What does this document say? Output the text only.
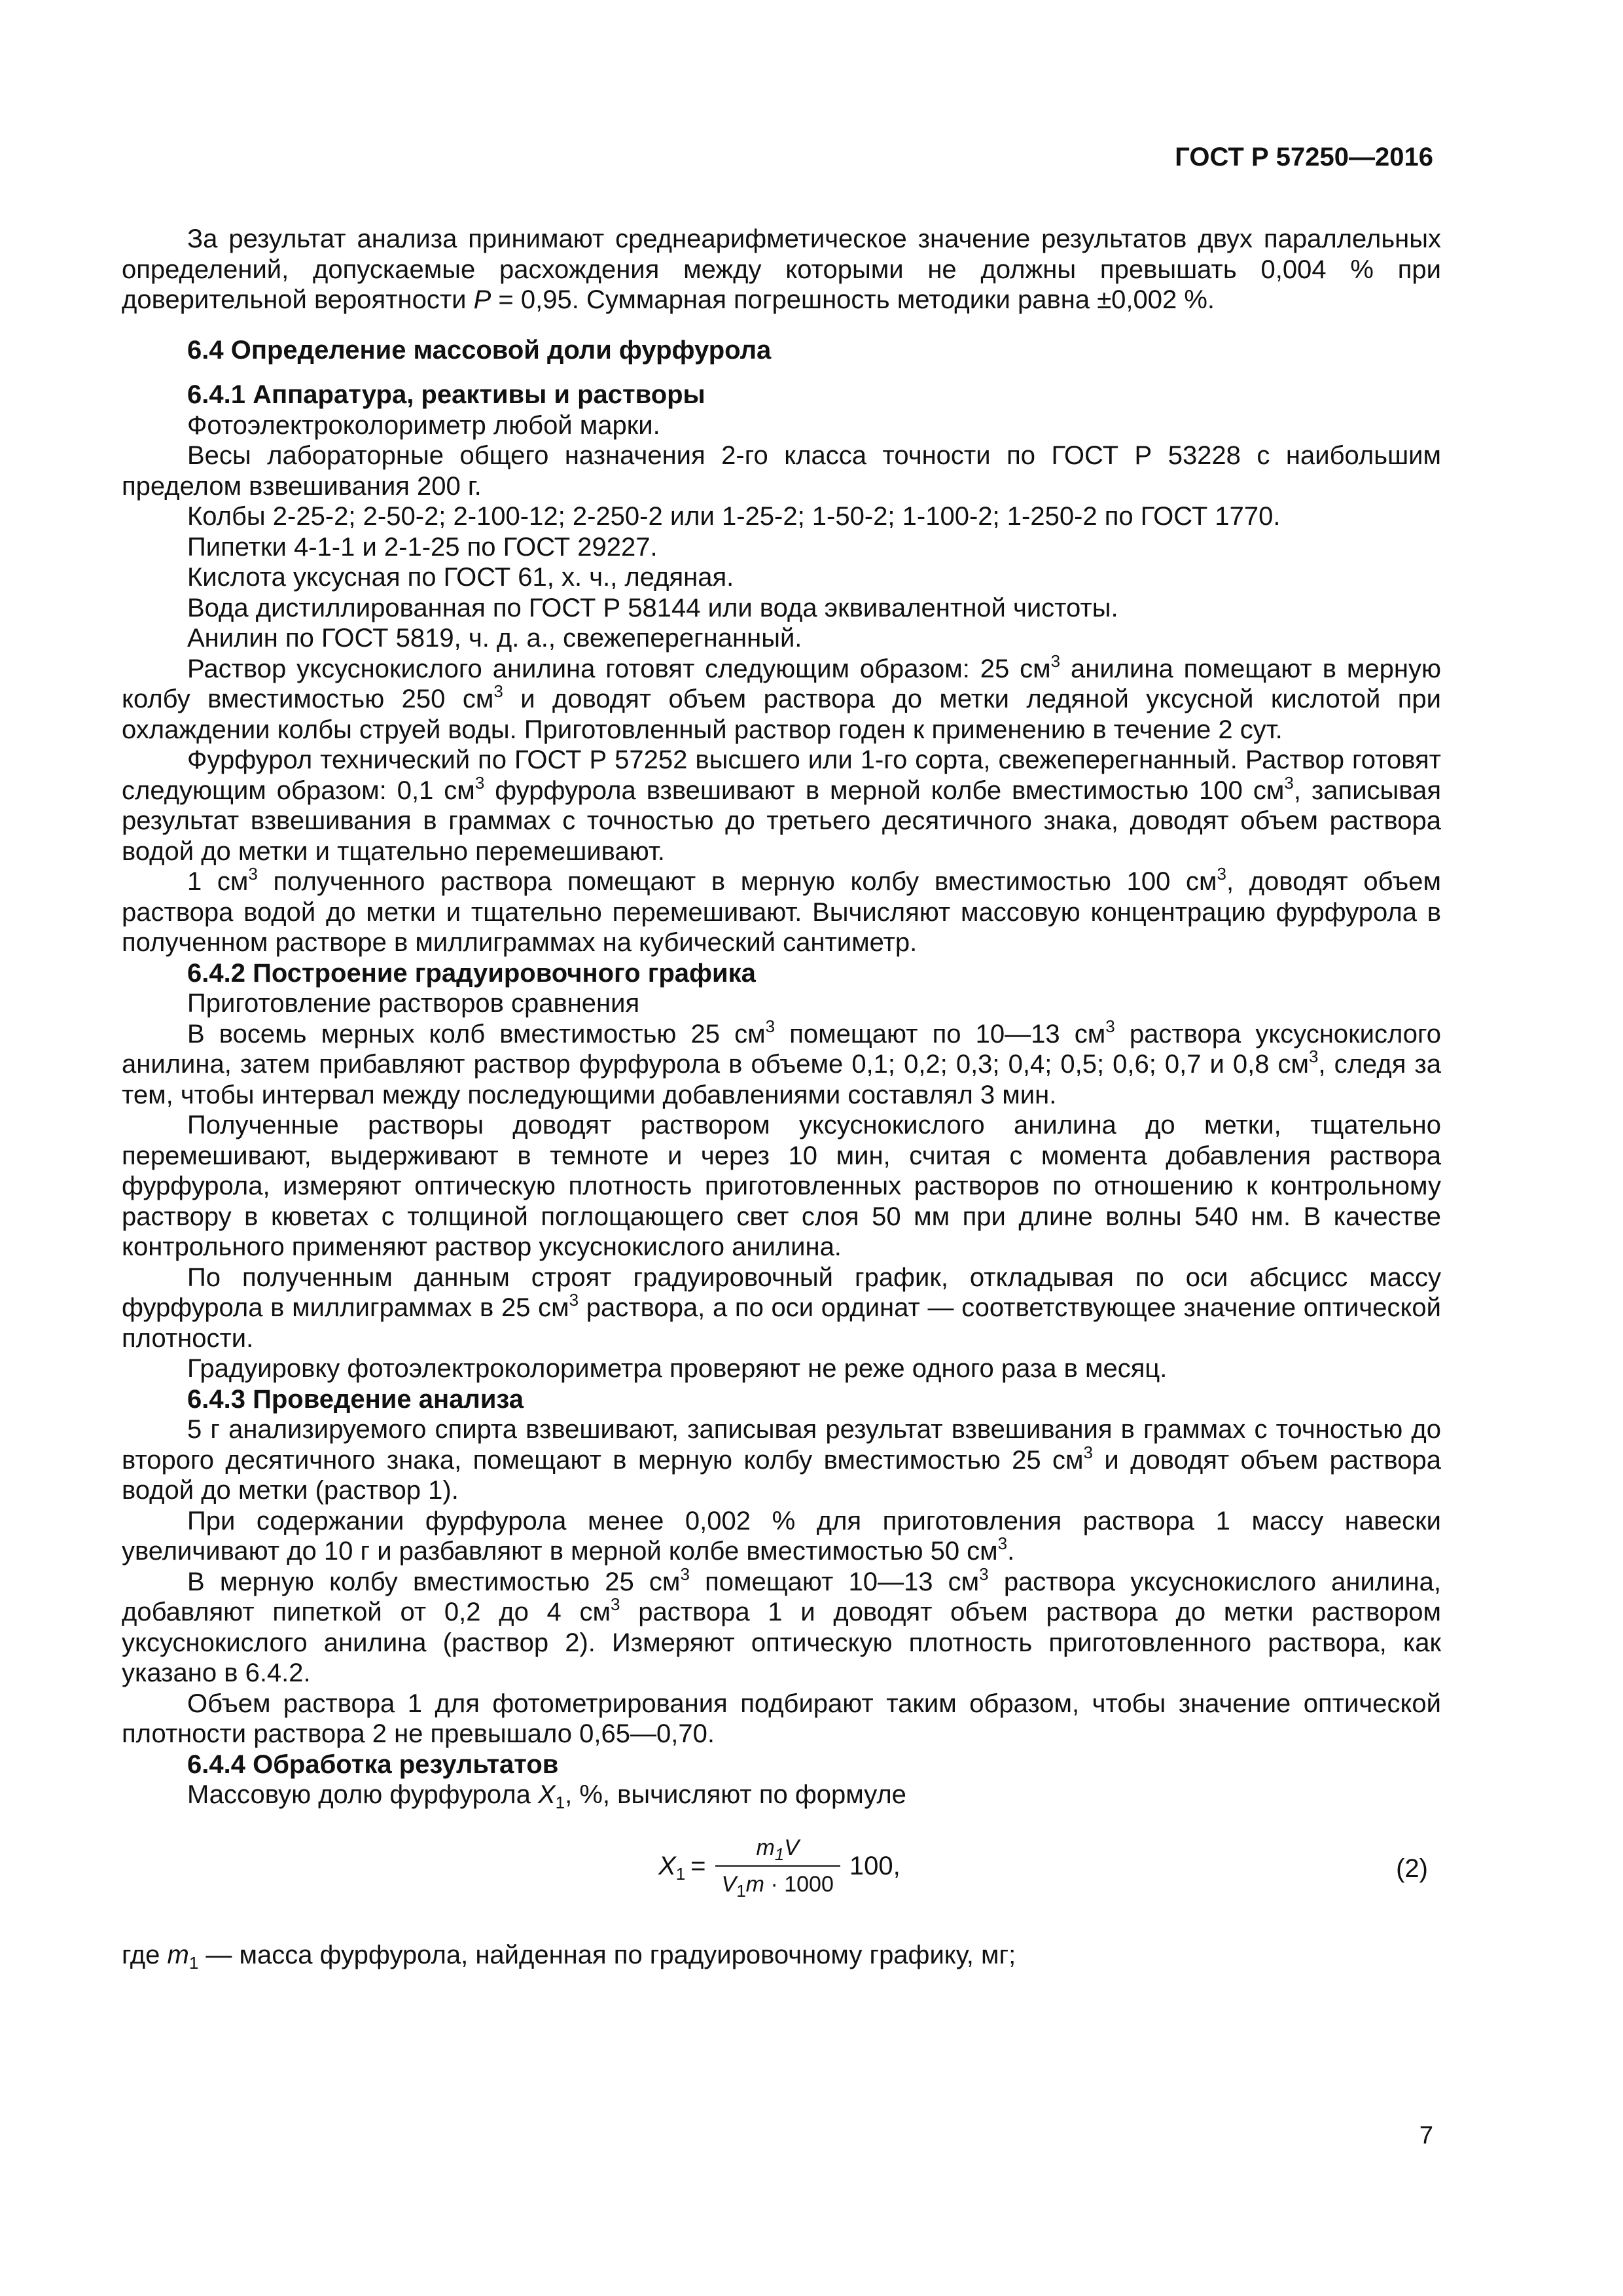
ГОСТ Р 57250—2016

За результат анализа принимают среднеарифметическое значение результатов двух параллельных определений, допускаемые расхождения между которыми не должны превышать 0,004 % при доверительной вероятности P = 0,95. Суммарная погрешность методики равна ±0,002 %.

6.4 Определение массовой доли фурфурола
6.4.1 Аппаратура, реактивы и растворы

Фотоэлектроколориметр любой марки.

Весы лабораторные общего назначения 2-го класса точности по ГОСТ Р 53228 с наибольшим пределом взвешивания 200 г.

Колбы 2-25-2; 2-50-2; 2-100-12; 2-250-2 или 1-25-2; 1-50-2; 1-100-2; 1-250-2 по ГОСТ 1770.

Пипетки 4-1-1 и 2-1-25 по ГОСТ 29227.

Кислота уксусная по ГОСТ 61, х. ч., ледяная.

Вода дистиллированная по ГОСТ Р 58144 или вода эквивалентной чистоты.

Анилин по ГОСТ 5819, ч. д. а., свежеперегнанный.

Раствор уксуснокислого анилина готовят следующим образом: 25 $см^3$ анилина помещают в мерную колбу вместимостью 250 $см^3$ и доводят объем раствора до метки ледяной уксусной кислотой при охлаждении колбы струей воды. Приготовленный раствор годен к применению в течение 2 сут.

Фурфурол технический по ГОСТ Р 57252 высшего или 1-го сорта, свежеперегнанный. Раствор готовят следующим образом: 0,1 $см^3$ фурфурола взвешивают в мерной колбе вместимостью 100 $см^3$, записывая результат взвешивания в граммах с точностью до третьего десятичного знака, доводят объем раствора водой до метки и тщательно перемешивают.

1 $см^3$ полученного раствора помещают в мерную колбу вместимостью 100 $см^3$, доводят объем раствора водой до метки и тщательно перемешивают. Вычисляют массовую концентрацию фурфурола в полученном растворе в миллиграммах на кубический сантиметр.

6.4.2 Построение градуировочного графика

Приготовление растворов сравнения

В восемь мерных колб вместимостью 25 $см^3$ помещают по 10—13 $см^3$ раствора уксуснокислого анилина, затем прибавляют раствор фурфурола в объеме 0,1; 0,2; 0,3; 0,4; 0,5; 0,6; 0,7 и 0,8 $см^3$, следя за тем, чтобы интервал между последующими добавлениями составлял 3 мин.

Полученные растворы доводят раствором уксуснокислого анилина до метки, тщательно перемешивают, выдерживают в темноте и через 10 мин, считая с момента добавления раствора фурфурола, измеряют оптическую плотность приготовленных растворов по отношению к контрольному раствору в кюветах с толщиной поглощающего свет слоя 50 мм при длине волны 540 нм. В качестве контрольного применяют раствор уксуснокислого анилина.

По полученным данным строят градуировочный график, откладывая по оси абсцисс массу фурфурола в миллиграммах в 25 $см^3$ раствора, а по оси ординат — соответствующее значение оптической плотности.

Градуировку фотоэлектроколориметра проверяют не реже одного раза в месяц.

6.4.3 Проведение анализа

5 г анализируемого спирта взвешивают, записывая результат взвешивания в граммах с точностью до второго десятичного знака, помещают в мерную колбу вместимостью 25 $см^3$ и доводят объем раствора водой до метки (раствор 1).

При содержании фурфурола менее 0,002 % для приготовления раствора 1 массу навески увеличивают до 10 г и разбавляют в мерной колбе вместимостью 50 $см^3$.

В мерную колбу вместимостью 25 $см^3$ помещают 10—13 $см^3$ раствора уксуснокислого анилина, добавляют пипеткой от 0,2 до 4 $см^3$ раствора 1 и доводят объем раствора до метки раствором уксуснокислого анилина (раствор 2). Измеряют оптическую плотность приготовленного раствора, как указано в 6.4.2.

Объем раствора 1 для фотометрирования подбирают таким образом, чтобы значение оптической плотности раствора 2 не превышало 0,65—0,70.

6.4.4 Обработка результатов

Массовую долю фурфурола $X_1$, %, вычисляют по формуле

$X_1 = \frac{m_1V}{V_1m \cdot 1000} 100$,	(2)

где $m_1$ — масса фурфурола, найденная по градуировочному графику, мг;

7
